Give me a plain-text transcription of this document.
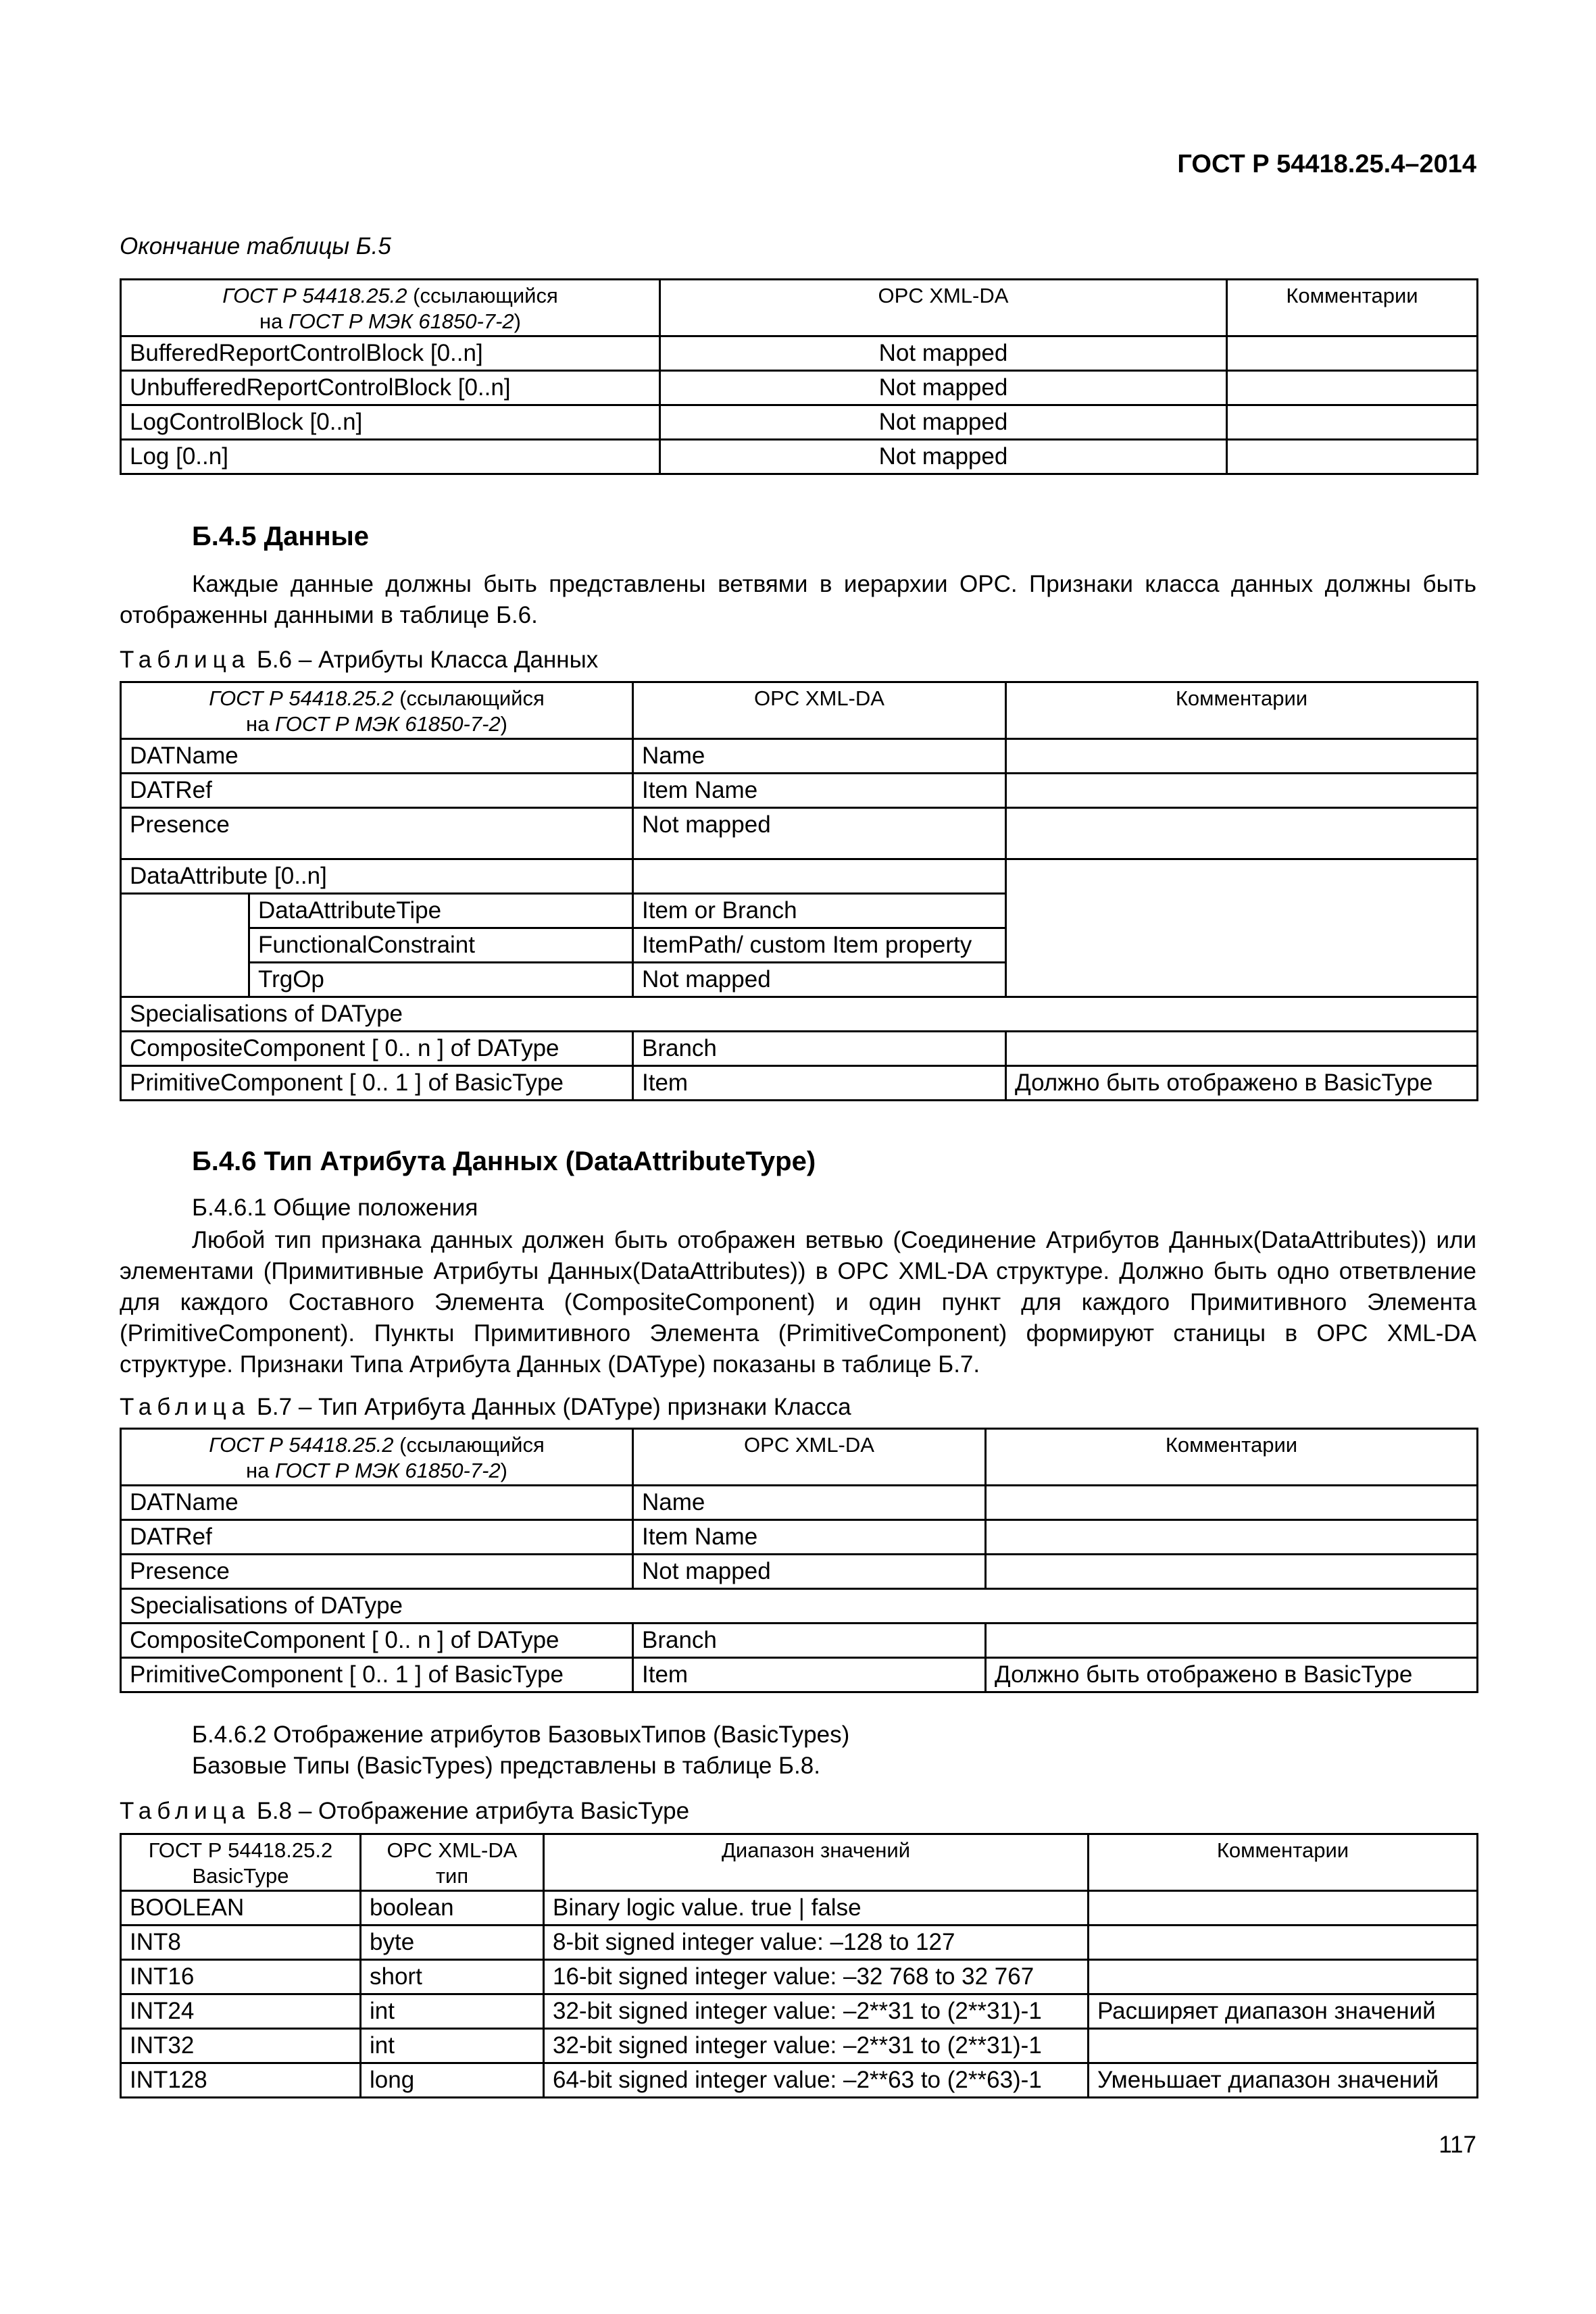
ГОСТ Р 54418.25.4–2014
Окончание таблицы Б.5
ГОСТ Р 54418.25.2 (ссылающийся
на ГОСТ Р МЭК 61850-7-2)	OPC XML-DA	Комментарии
BufferedReportControlBlock [0..n]	Not mapped	
UnbufferedReportControlBlock [0..n]	Not mapped	
LogControlBlock [0..n]	Not mapped	
Log [0..n]	Not mapped	
Б.4.5 Данные
Каждые данные должны быть представлены ветвями в иерархии OPC. Признаки класса данных должны быть отображенны данными в таблице Б.6.
Таблица Б.6 – Атрибуты Класса Данных
ГОСТ Р 54418.25.2 (ссылающийся
на ГОСТ Р МЭК 61850-7-2)		OPC XML-DA	Комментарии
DATName		Name	
DATRef		Item Name	
Presence		Not mapped	
DataAttribute [0..n]			
	DataAttributeTipe	Item or Branch	
	FunctionalConstraint	ItemPath/ custom Item property	
	TrgOp	Not mapped	
Specialisations of DAType			
CompositeComponent [ 0.. n ] of DAType		Branch	
PrimitiveComponent [ 0.. 1 ] of BasicType		Item	Должно быть отображено в BasicType
Б.4.6 Тип Атрибута Данных (DataAttributeType)
Б.4.6.1 Общие положения
Любой тип признака данных должен быть отображен ветвью (Соединение Атрибутов Данных(DataAttributes)) или элементами (Примитивные Атрибуты Данных(DataAttributes)) в OPC XML-DA структуре. Должно быть одно ответвление для каждого Составного Элемента (CompositeComponent) и один пункт для каждого Примитивного Элемента (PrimitiveComponent). Пункты Примитивного Элемента (PrimitiveComponent) формируют станицы в OPC XML-DA структуре. Признаки Типа Атрибута Данных (DAType) показаны в таблице Б.7.
Таблица Б.7 – Тип Атрибута Данных (DAType) признаки Класса
ГОСТ Р 54418.25.2 (ссылающийся
на ГОСТ Р МЭК 61850-7-2)	OPC XML-DA	Комментарии
DATName	Name	
DATRef	Item Name	
Presence	Not mapped	
Specialisations of DAType		
CompositeComponent [ 0.. n ] of DAType	Branch	
PrimitiveComponent [ 0.. 1 ] of BasicType	Item	Должно быть отображено в BasicType
Б.4.6.2 Отображение атрибутов БазовыхТипов (BasicTypes)
Базовые Типы (BasicTypes) представлены в таблице Б.8.
Таблица Б.8 – Отображение атрибута BasicType
ГОСТ Р 54418.25.2
BasicType	OPC XML-DA
тип	Диапазон значений	Комментарии
BOOLEAN	boolean	Binary logic value. true | false	
INT8	byte	8-bit signed integer value: –128 to 127	
INT16	short	16-bit signed integer value: –32 768 to 32 767	
INT24	int	32-bit signed integer value: –2**31 to (2**31)-1	Расширяет диапазон значений
INT32	int	32-bit signed integer value: –2**31 to (2**31)-1	
INT128	long	64-bit signed integer value: –2**63 to (2**63)-1	Уменьшает диапазон значений
117
